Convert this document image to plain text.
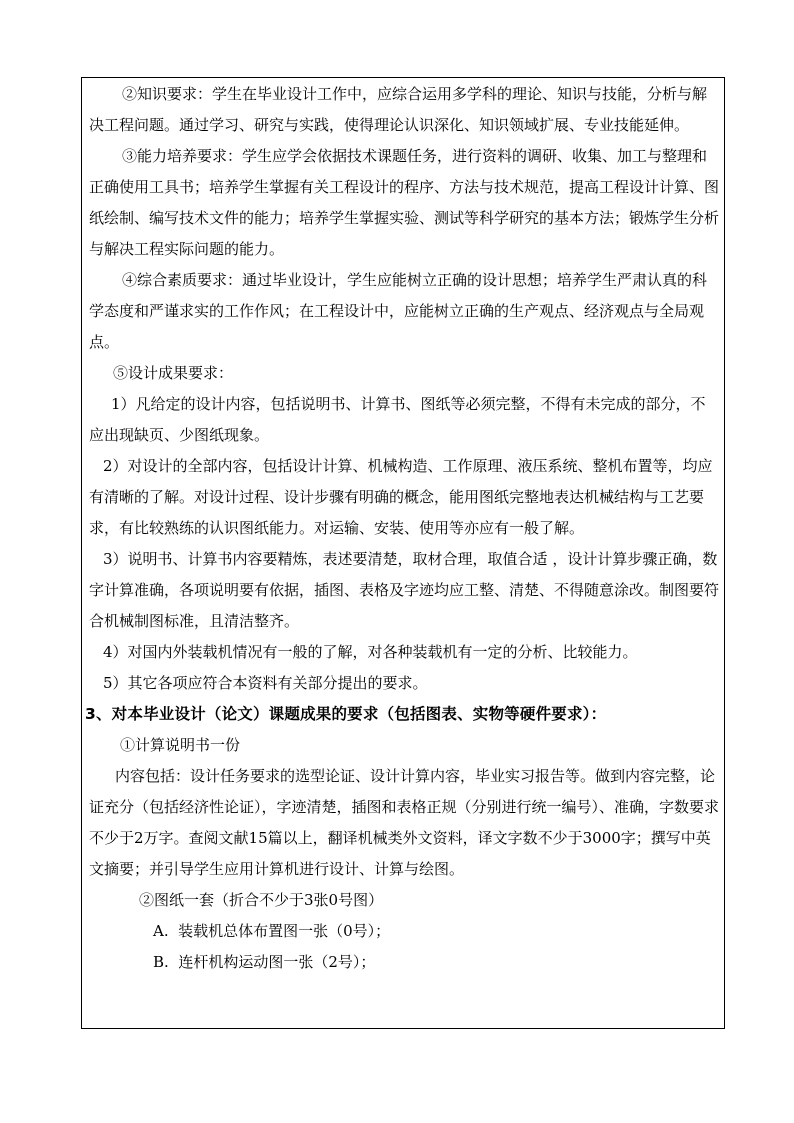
②知识要求：学生在毕业设计工作中，应综合运用多学科的理论、知识与技能，分析与解决工程问题。通过学习、研究与实践，使得理论认识深化、知识领域扩展、专业技能延伸。

③能力培养要求：学生应学会依据技术课题任务，进行资料的调研、收集、加工与整理和正确使用工具书；培养学生掌握有关工程设计的程序、方法与技术规范，提高工程设计计算、图纸绘制、编写技术文件的能力；培养学生掌握实验、测试等科学研究的基本方法；锻炼学生分析与解决工程实际问题的能力。

④综合素质要求：通过毕业设计，学生应能树立正确的设计思想；培养学生严肃认真的科学态度和严谨求实的工作作风；在工程设计中，应能树立正确的生产观点、经济观点与全局观点。

⑤设计成果要求：

1）凡给定的设计内容，包括说明书、计算书、图纸等必须完整，不得有未完成的部分，不应出现缺页、少图纸现象。

2）对设计的全部内容，包括设计计算、机械构造、工作原理、液压系统、整机布置等，均应有清晰的了解。对设计过程、设计步骤有明确的概念，能用图纸完整地表达机械结构与工艺要求，有比较熟练的认识图纸能力。对运输、安装、使用等亦应有一般了解。

3）说明书、计算书内容要精炼，表述要清楚，取材合理，取值合适 ，设计计算步骤正确，数字计算准确，各项说明要有依据，插图、表格及字迹均应工整、清楚、不得随意涂改。制图要符合机械制图标准，且清洁整齐。

4）对国内外装载机情况有一般的了解，对各种装载机有一定的分析、比较能力。

5）其它各项应符合本资料有关部分提出的要求。

3、对本毕业设计（论文）课题成果的要求（包括图表、实物等硬件要求）：

①计算说明书一份

内容包括：设计任务要求的选型论证、设计计算内容，毕业实习报告等。做到内容完整，论证充分（包括经济性论证），字迹清楚，插图和表格正规（分别进行统一编号）、准确，字数要求不少于2万字。查阅文献15篇以上，翻译机械类外文资料，译文字数不少于3000字；撰写中英文摘要；并引导学生应用计算机进行设计、计算与绘图。

②图纸一套（折合不少于3张0号图）

A.  装载机总体布置图一张（0号）；

B.  连杆机构运动图一张（2号）；
